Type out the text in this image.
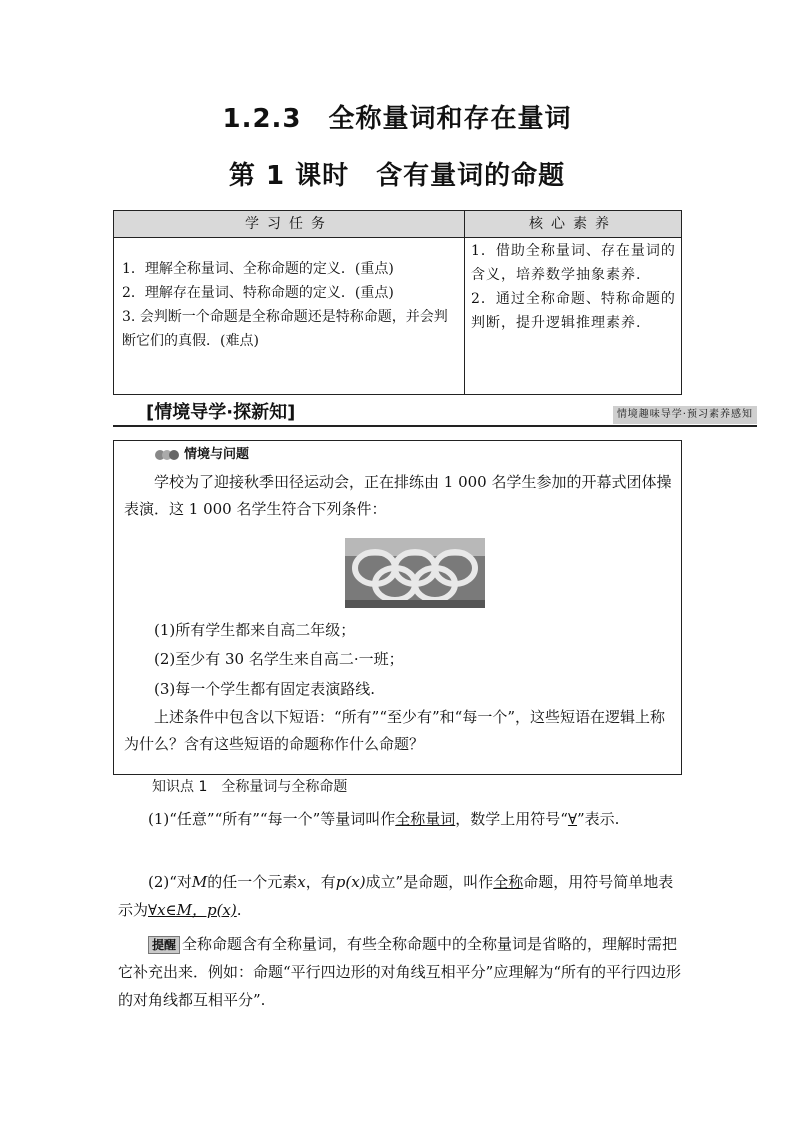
1.2.3　全称量词和存在量词
第 1 课时　含有量词的命题
学习任务	核心素养

1．理解全称量词、全称命题的定义．(重点)

2．理解存在量词、特称命题的定义．(重点)

3. 会判断一个命题是全称命题还是特称命题，并会判断它们的真假．(难点)

1．借助全称量词、存在量词的含义，培养数学抽象素养.

2．通过全称命题、特称命题的判断，提升逻辑推理素养.

[情境导学·探新知]	情境趣味导学·预习素养感知
情境与问题

学校为了迎接秋季田径运动会，正在排练由 1 000 名学生参加的开幕式团体操表演．这 1 000 名学生符合下列条件：

(1)所有学生都来自高二年级；

(2)至少有 30 名学生来自高二·一班；

(3)每一个学生都有固定表演路线.

上述条件中包含以下短语：“所有”“至少有”和“每一个”，这些短语在逻辑上称为什么？含有这些短语的命题称作什么命题？

知识点 1　全称量词与全称命题

(1)“任意”“所有”“每一个”等量词叫作全称量词，数学上用符号“∀”表示.

(2)“对M的任一个元素x，有p(x)成立”是命题，叫作全称命题，用符号简单地表示为∀x∈M，p(x).

提醒 全称命题含有全称量词，有些全称命题中的全称量词是省略的，理解时需把它补充出来．例如：命题“平行四边形的对角线互相平分”应理解为“所有的平行四边形的对角线都互相平分”.
